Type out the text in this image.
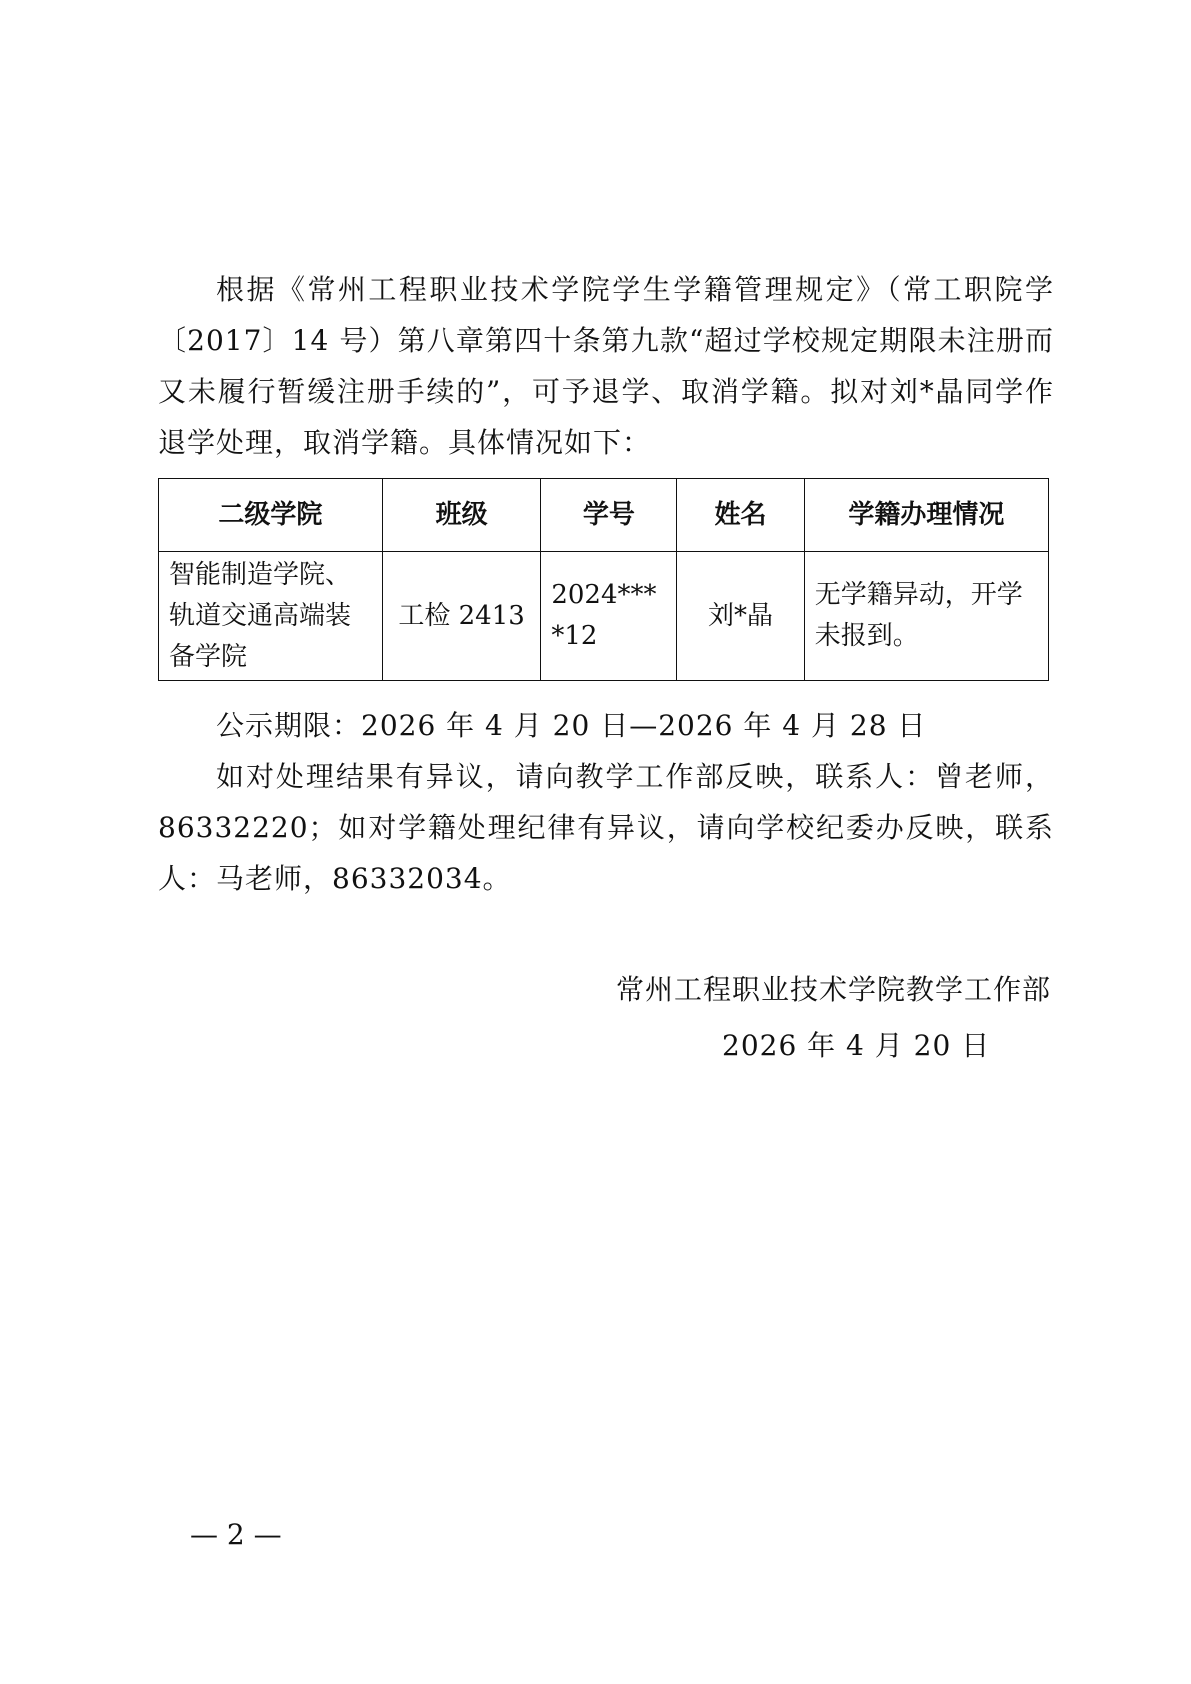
根据《常州工程职业技术学院学生学籍管理规定》（常工职院学〔2017〕14 号）第八章第四十条第九款“超过学校规定期限未注册而又未履行暂缓注册手续的”，可予退学、取消学籍。拟对刘*晶同学作退学处理，取消学籍。具体情况如下：

二级学院	班级	学号	姓名	学籍办理情况
智能制造学院、轨道交通高端装备学院	工检 2413	2024****12	刘*晶	无学籍异动，开学未报到。

公示期限：2026 年 4 月 20 日—2026 年 4 月 28 日

如对处理结果有异议，请向教学工作部反映，联系人：曾老师，86332220；如对学籍处理纪律有异议，请向学校纪委办反映，联系人：马老师，86332034。

常州工程职业技术学院教学工作部

2026 年 4 月 20 日

— 2 —
